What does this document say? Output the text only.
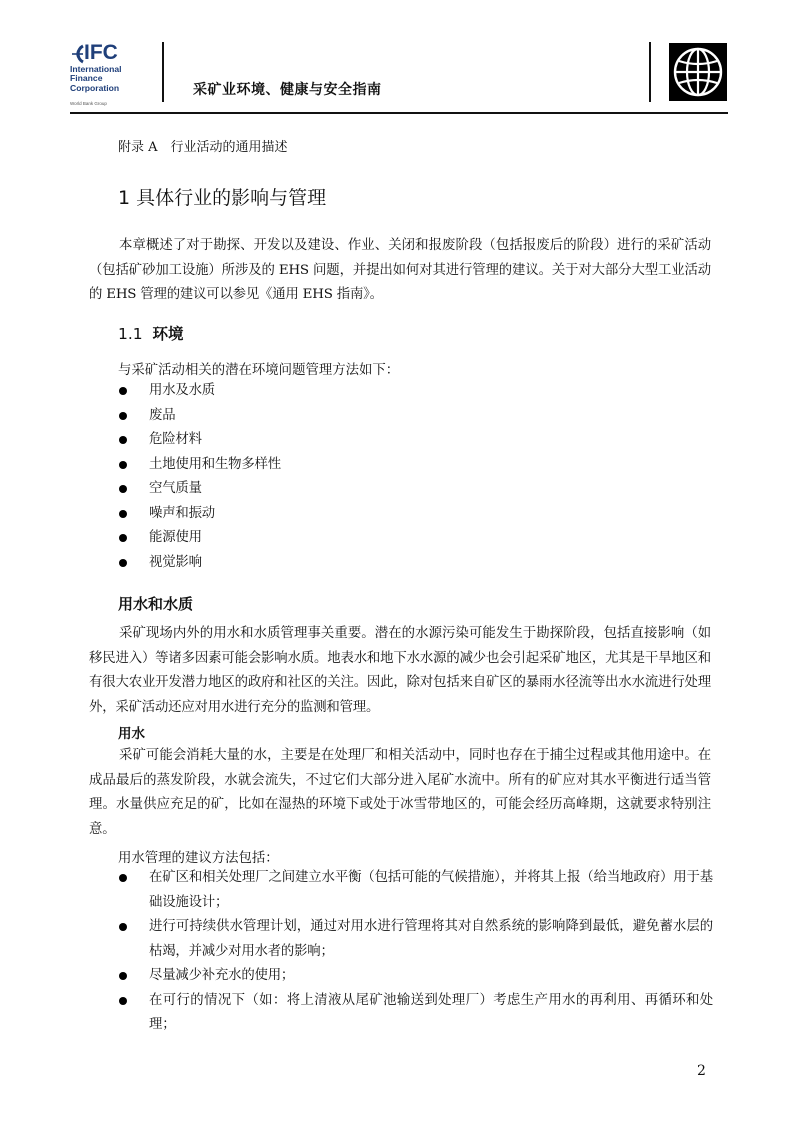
IFC
International
Finance
Corporation
World Bank Group
采矿业环境、健康与安全指南

附录 A　行业活动的通用描述

1 具体行业的影响与管理

本章概述了对于勘探、开发以及建设、作业、关闭和报废阶段（包括报废后的阶段）进行的采矿活动（包括矿砂加工设施）所涉及的 EHS 问题，并提出如何对其进行管理的建议。关于对大部分大型工业活动的 EHS 管理的建议可以参见《通用 EHS 指南》。

1.1 环境

与采矿活动相关的潜在环境问题管理方法如下：

用水及水质
废品
危险材料
土地使用和生物多样性
空气质量
噪声和振动
能源使用
视觉影响
用水和水质

采矿现场内外的用水和水质管理事关重要。潜在的水源污染可能发生于勘探阶段，包括直接影响（如移民进入）等诸多因素可能会影响水质。地表水和地下水水源的减少也会引起采矿地区，尤其是干旱地区和有很大农业开发潜力地区的政府和社区的关注。因此，除对包括来自矿区的暴雨水径流等出水水流进行处理外，采矿活动还应对用水进行充分的监测和管理。

用水

采矿可能会消耗大量的水，主要是在处理厂和相关活动中，同时也存在于捕尘过程或其他用途中。在成品最后的蒸发阶段，水就会流失，不过它们大部分进入尾矿水流中。所有的矿应对其水平衡进行适当管理。水量供应充足的矿，比如在湿热的环境下或处于冰雪带地区的，可能会经历高峰期，这就要求特别注意。

用水管理的建议方法包括：

在矿区和相关处理厂之间建立水平衡（包括可能的气候措施），并将其上报（给当地政府）用于基础设施设计；
进行可持续供水管理计划，通过对用水进行管理将其对自然系统的影响降到最低，避免蓄水层的枯竭，并减少对用水者的影响；
尽量减少补充水的使用；
在可行的情况下（如：将上清液从尾矿池输送到处理厂）考虑生产用水的再利用、再循环和处理；
2
